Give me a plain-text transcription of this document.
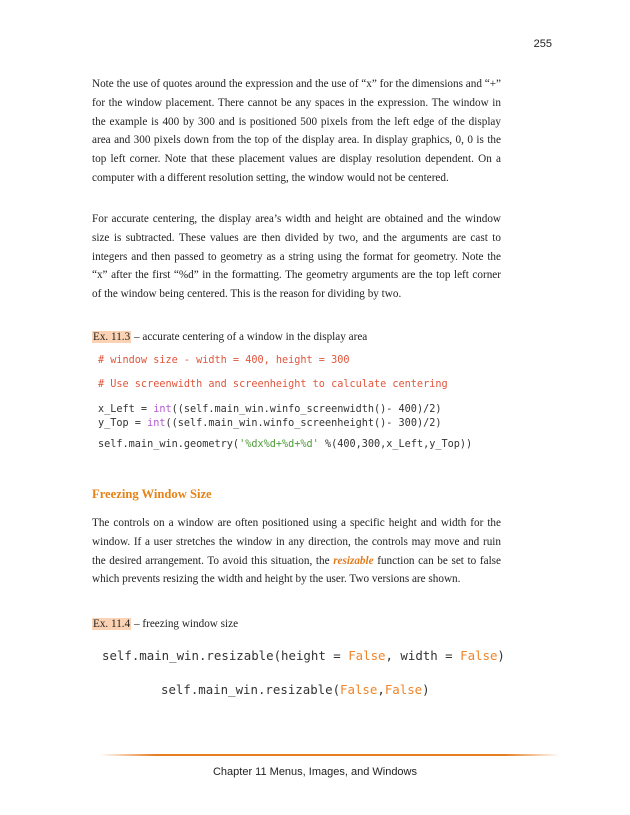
255

Note the use of quotes around the expression and the use of “x” for the dimensions and “+” for the window placement. There cannot be any spaces in the expression. The window in the example is 400 by 300 and is positioned 500 pixels from the left edge of the display area and 300 pixels down from the top of the display area. In display graphics, 0, 0 is the top left corner. Note that these placement values are display resolution dependent. On a computer with a different resolution setting, the window would not be centered.

For accurate centering, the display area’s width and height are obtained and the window size is subtracted. These values are then divided by two, and the arguments are cast to integers and then passed to geometry as a string using the format for geometry. Note the “x” after the first “%d” in the formatting. The geometry arguments are the top left corner of the window being centered. This is the reason for dividing by two.

Ex. 11.3 – accurate centering of a window in the display area

# window size - width = 400, height = 300
# Use screenwidth and screenheight to calculate centering
x_Left = int((self.main_win.winfo_screenwidth()- 400)/2)
y_Top = int((self.main_win.winfo_screenheight()- 300)/2)
self.main_win.geometry('%dx%d+%d+%d' %(400,300,x_Left,y_Top))
Freezing Window Size

The controls on a window are often positioned using a specific height and width for the window. If a user stretches the window in any direction, the controls may move and ruin the desired arrangement. To avoid this situation, the resizable function can be set to false which prevents resizing the width and height by the user. Two versions are shown.

Ex. 11.4 – freezing window size

self.main_win.resizable(height = False, width = False)
self.main_win.resizable(False,False)

Chapter 11 Menus, Images, and Windows
